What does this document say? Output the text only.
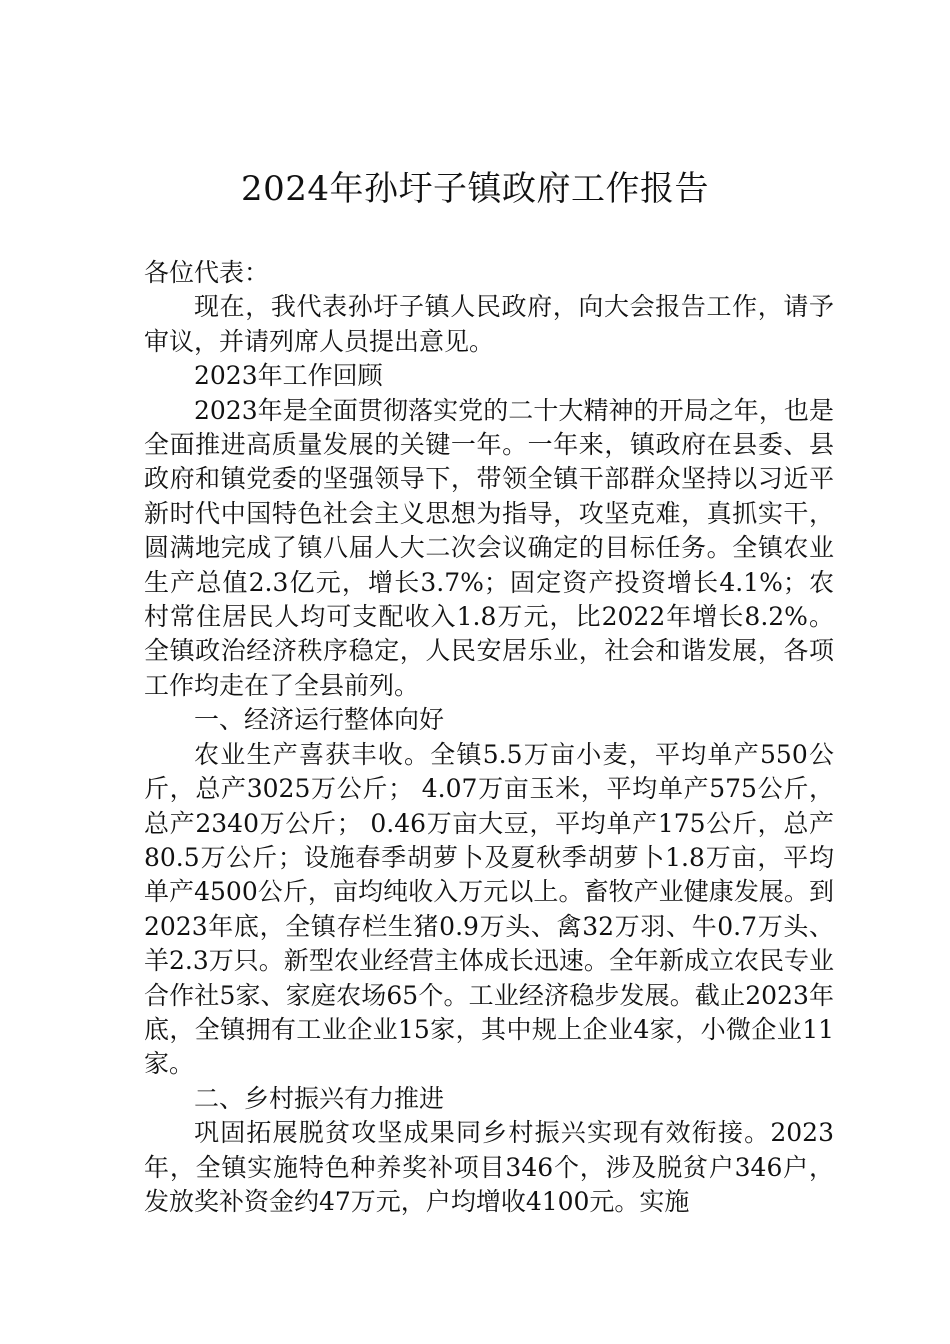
2024年孙圩子镇政府工作报告

各位代表：

现在，我代表孙圩子镇人民政府，向大会报告工作，请予审议，并请列席人员提出意见。

2023年工作回顾

2023年是全面贯彻落实党的二十大精神的开局之年，也是全面推进高质量发展的关键一年。一年来，镇政府在县委、县政府和镇党委的坚强领导下，带领全镇干部群众坚持以习近平新时代中国特色社会主义思想为指导，攻坚克难，真抓实干，圆满地完成了镇八届人大二次会议确定的目标任务。全镇农业生产总值2.3亿元，增长3.7%；固定资产投资增长4.1%；农村常住居民人均可支配收入1.8万元，比2022年增长8.2%。全镇政治经济秩序稳定，人民安居乐业，社会和谐发展，各项工作均走在了全县前列。

一、经济运行整体向好

农业生产喜获丰收。全镇5.5万亩小麦，平均单产550公斤，总产3025万公斤； 4.07万亩玉米，平均单产575公斤，总产2340万公斤； 0.46万亩大豆，平均单产175公斤，总产80.5万公斤；设施春季胡萝卜及夏秋季胡萝卜1.8万亩，平均单产4500公斤，亩均纯收入万元以上。畜牧产业健康发展。到2023年底，全镇存栏生猪0.9万头、禽32万羽、牛0.7万头、羊2.3万只。新型农业经营主体成长迅速。全年新成立农民专业合作社5家、家庭农场65个。工业经济稳步发展。截止2023年底，全镇拥有工业企业15家，其中规上企业4家，小微企业11家。

二、乡村振兴有力推进

巩固拓展脱贫攻坚成果同乡村振兴实现有效衔接。2023年，全镇实施特色种养奖补项目346个，涉及脱贫户346户，发放奖补资金约47万元，户均增收4100元。实施
